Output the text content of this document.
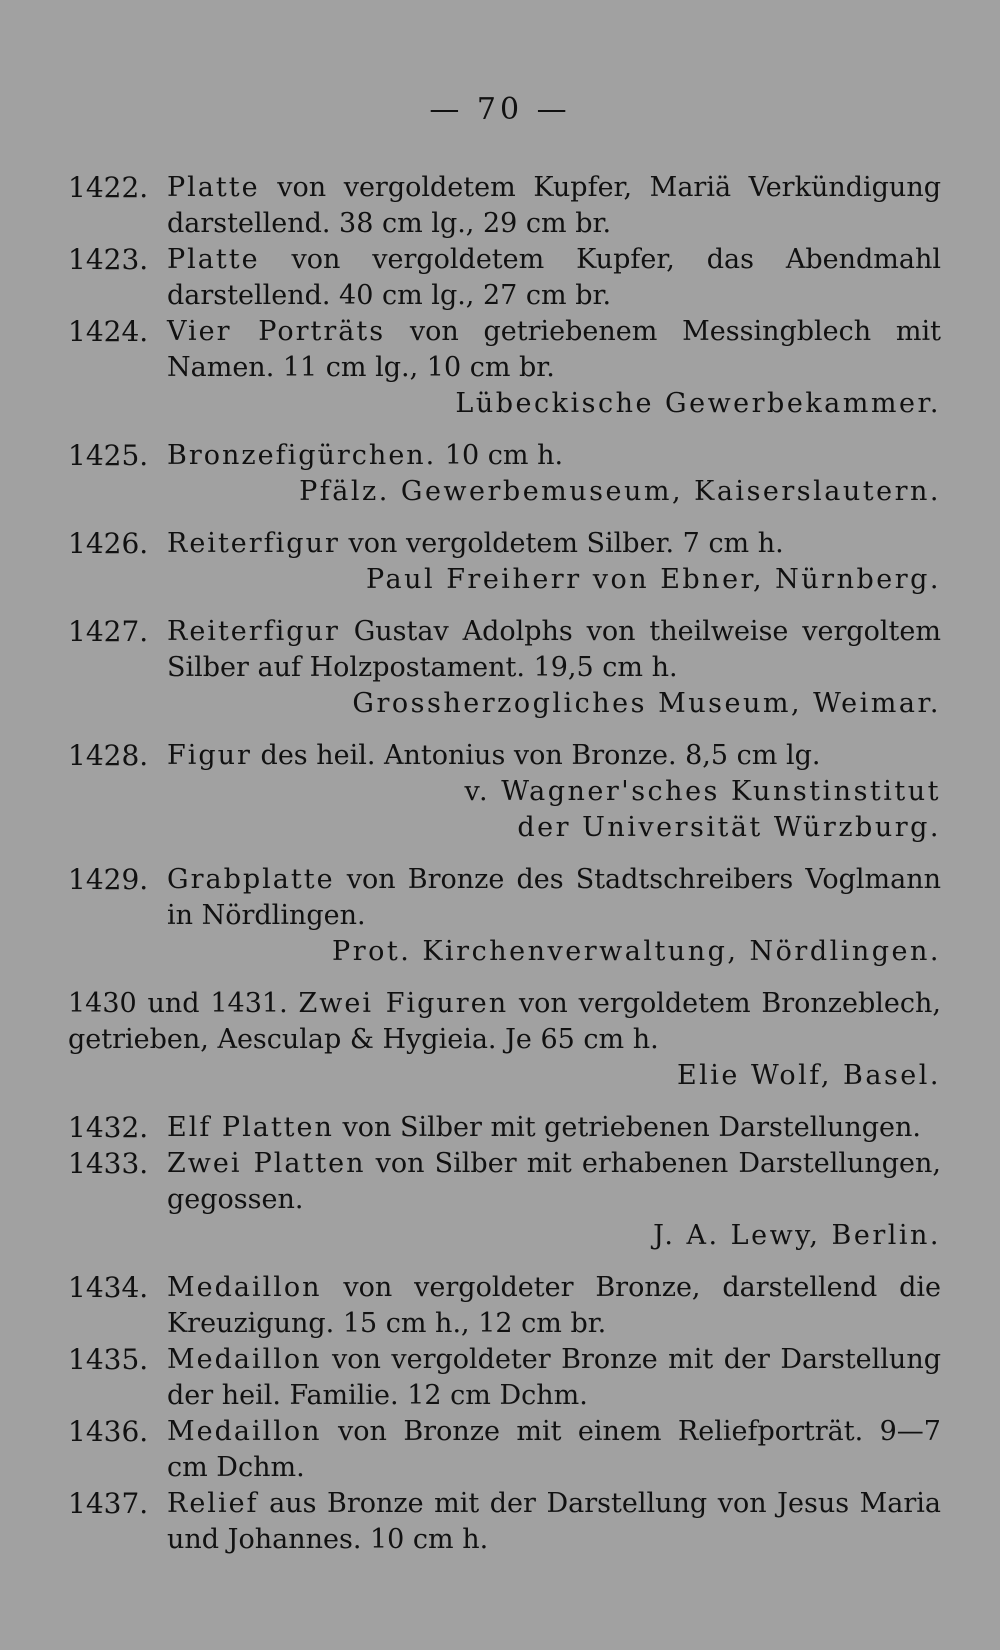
— 70 —
1422. Platte von vergoldetem Kupfer, Mariä Verkündigung darstellend. 38 cm lg., 29 cm br.
1423. Platte von vergoldetem Kupfer, das Abendmahl darstellend. 40 cm lg., 27 cm br.
1424. Vier Porträts von getriebenem Messingblech mit Namen. 11 cm lg., 10 cm br.
Lübeckische Gewerbekammer.
1425. Bronzefigürchen. 10 cm h.
Pfälz. Gewerbemuseum, Kaiserslautern.
1426. Reiterfigur von vergoldetem Silber. 7 cm h.
Paul Freiherr von Ebner, Nürnberg.
1427. Reiterfigur Gustav Adolphs von theilweise vergoltem Silber auf Holzpostament. 19,5 cm h.
Grossherzogliches Museum, Weimar.
1428. Figur des heil. Antonius von Bronze. 8,5 cm lg.
v. Wagner'sches Kunstinstitut der Universität Würzburg.
1429. Grabplatte von Bronze des Stadtschreibers Voglmann in Nördlingen.
Prot. Kirchenverwaltung, Nördlingen.
1430 und 1431. Zwei Figuren von vergoldetem Bronzeblech, getrieben, Aesculap & Hygieia. Je 65 cm h.
Elie Wolf, Basel.
1432. Elf Platten von Silber mit getriebenen Darstellungen.
1433. Zwei Platten von Silber mit erhabenen Darstellungen, gegossen.
J. A. Lewy, Berlin.
1434. Medaillon von vergoldeter Bronze, darstellend die Kreuzigung. 15 cm h., 12 cm br.
1435. Medaillon von vergoldeter Bronze mit der Darstellung der heil. Familie. 12 cm Dchm.
1436. Medaillon von Bronze mit einem Reliefporträt. 9—7 cm Dchm.
1437. Relief aus Bronze mit der Darstellung von Jesus Maria und Johannes. 10 cm h.
